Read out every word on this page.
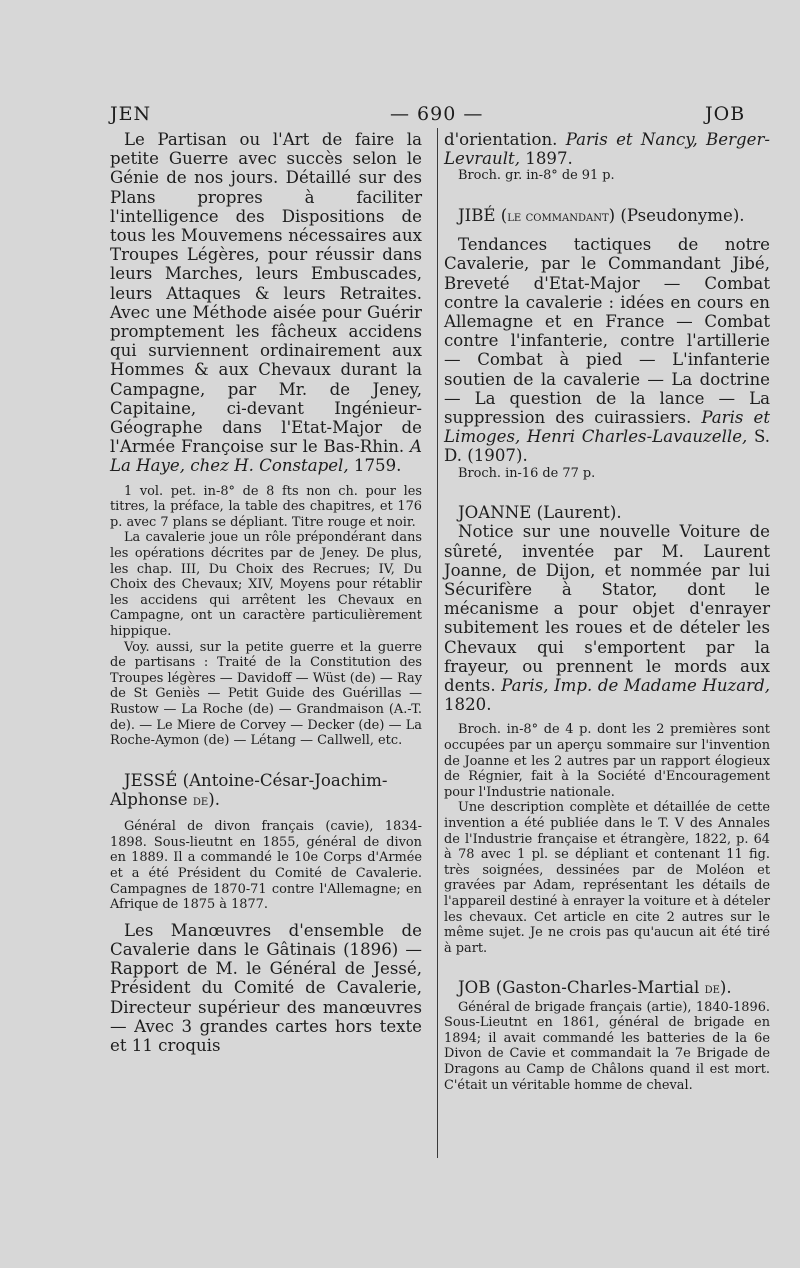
JEN	— 690 —	JOB

Le Partisan ou l'Art de faire la petite Guerre avec succès selon le Génie de nos jours. Détaillé sur des Plans propres à faciliter l'intelligence des Dispositions de tous les Mouvemens nécessaires aux Troupes Légères, pour réussir dans leurs Marches, leurs Embuscades, leurs Attaques & leurs Retraites. Avec une Méthode aisée pour Guérir promptement les fâcheux accidens qui surviennent ordinairement aux Hommes & aux Chevaux durant la Campagne, par Mr. de Jeney, Capitaine, ci-devant Ingénieur-Géographe dans l'Etat-Major de l'Armée Françoise sur le Bas-Rhin. A La Haye, chez H. Constapel, 1759.

1 vol. pet. in-8° de 8 fts non ch. pour les titres, la préface, la table des chapitres, et 176 p. avec 7 plans se dépliant. Titre rouge et noir.

La cavalerie joue un rôle prépondérant dans les opérations décrites par de Jeney. De plus, les chap. III, Du Choix des Recrues; IV, Du Choix des Chevaux; XIV, Moyens pour rétablir les accidens qui arrêtent les Chevaux en Campagne, ont un caractère particulièrement hippique.

Voy. aussi, sur la petite guerre et la guerre de partisans : Traité de la Constitution des Troupes légères — Davidoff — Wüst (de) — Ray de St Geniès — Petit Guide des Guérillas — Rustow — La Roche (de) — Grandmaison (A.-T. de). — Le Miere de Corvey — Decker (de) — La Roche-Aymon (de) — Létang — Callwell, etc.

JESSÉ (Antoine-César-Joachim-Alphonse de).

Général de divon français (cavie), 1834-1898. Sous-lieutnt en 1855, général de divon en 1889. Il a commandé le 10e Corps d'Armée et a été Président du Comité de Cavalerie. Campagnes de 1870-71 contre l'Allemagne; en Afrique de 1875 à 1877.

Les Manœuvres d'ensemble de Cavalerie dans le Gâtinais (1896) — Rapport de M. le Général de Jessé, Président du Comité de Cavalerie, Directeur supérieur des manœuvres — Avec 3 grandes cartes hors texte et 11 croquis

d'orientation. Paris et Nancy, Berger-Levrault, 1897.

Broch. gr. in-8° de 91 p.

JIBÉ (le commandant) (Pseudonyme).

Tendances tactiques de notre Cavalerie, par le Commandant Jibé, Breveté d'Etat-Major — Combat contre la cavalerie : idées en cours en Allemagne et en France — Combat contre l'infanterie, contre l'artillerie — Combat à pied — L'infanterie soutien de la cavalerie — La doctrine — La question de la lance — La suppression des cuirassiers. Paris et Limoges, Henri Charles-Lavauzelle, S. D. (1907).

Broch. in-16 de 77 p.

JOANNE (Laurent).

Notice sur une nouvelle Voiture de sûreté, inventée par M. Laurent Joanne, de Dijon, et nommée par lui Sécurifère à Stator, dont le mécanisme a pour objet d'enrayer subitement les roues et de dételer les Chevaux qui s'emportent par la frayeur, ou prennent le mords aux dents. Paris, Imp. de Madame Huzard, 1820.

Broch. in-8° de 4 p. dont les 2 premières sont occupées par un aperçu sommaire sur l'invention de Joanne et les 2 autres par un rapport élogieux de Régnier, fait à la Société d'Encouragement pour l'Industrie nationale.

Une description complète et détaillée de cette invention a été publiée dans le T. V des Annales de l'Industrie française et étrangère, 1822, p. 64 à 78 avec 1 pl. se dépliant et contenant 11 fig. très soignées, dessinées par de Moléon et gravées par Adam, représentant les détails de l'appareil destiné à enrayer la voiture et à dételer les chevaux. Cet article en cite 2 autres sur le même sujet. Je ne crois pas qu'aucun ait été tiré à part.

JOB (Gaston-Charles-Martial de).

Général de brigade français (artie), 1840-1896. Sous-Lieutnt en 1861, général de brigade en 1894; il avait commandé les batteries de la 6e Divon de Cavie et commandait la 7e Brigade de Dragons au Camp de Châlons quand il est mort. C'était un véritable homme de cheval.
